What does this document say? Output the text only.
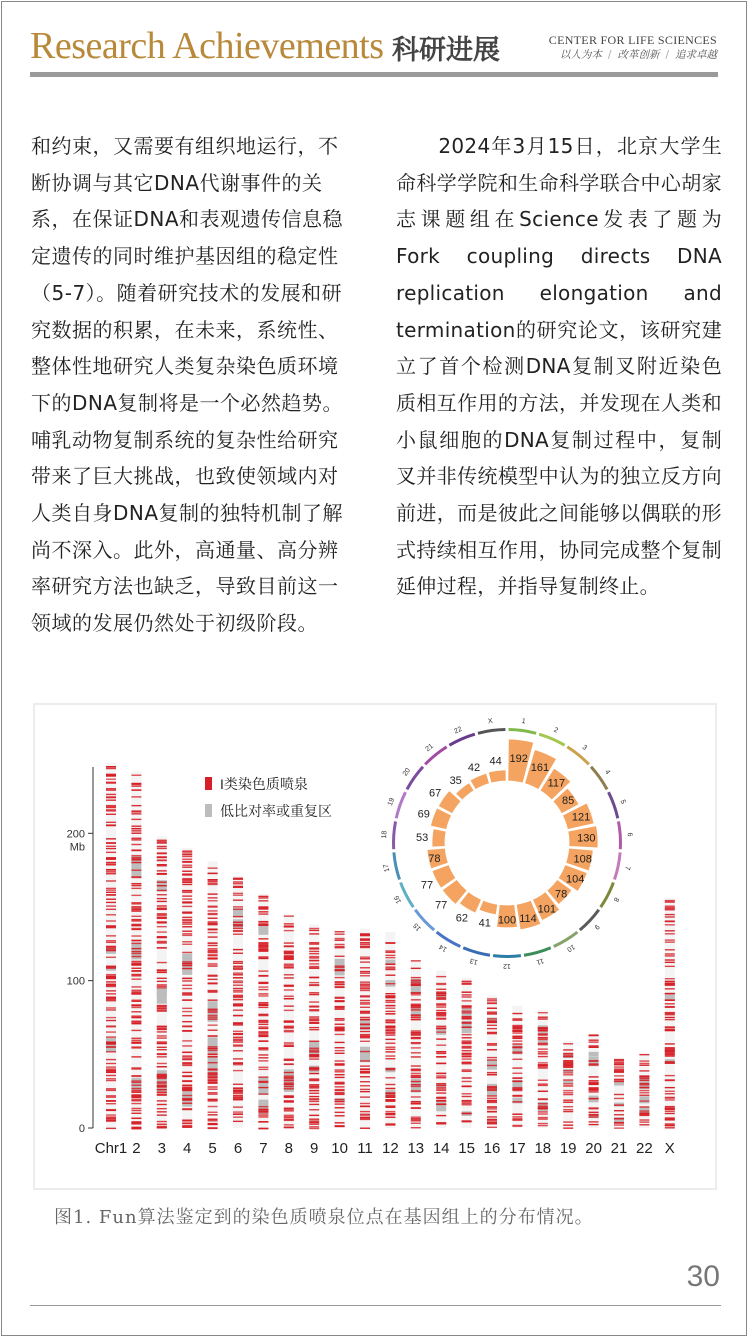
Research Achievements 科研进展	CENTER FOR LIFE SCIENCES
以人为本 / 改革创新 / 追求卓越

和约束，又需要有组织地运行，不断协调与其它DNA代谢事件的关系，在保证DNA和表观遗传信息稳定遗传的同时维护基因组的稳定性（5-7）。随着研究技术的发展和研究数据的积累，在未来，系统性、整体性地研究人类复杂染色质环境下的DNA复制将是一个必然趋势。哺乳动物复制系统的复杂性给研究带来了巨大挑战，也致使领域内对人类自身DNA复制的独特机制了解尚不深入。此外，高通量、高分辨率研究方法也缺乏，导致目前这一领域的发展仍然处于初级阶段。

　　2024年3月15日，北京大学生命科学学院和生命科学联合中心胡家志课题组在Science发表了题为Fork coupling directs DNA replication elongation and termination的研究论文，该研究建立了首个检测DNA复制叉附近染色质相互作用的方法，并发现在人类和小鼠细胞的DNA复制过程中，复制叉并非传统模型中认为的独立反方向前进，而是彼此之间能够以偶联的形式持续相互作用，协同完成整个复制延伸过程，并指导复制终止。

0
100
200
Mb
Chr1 2 3 4 5 6 7 8 9 10 11 12 13 14 15 16 17 18 19 20 21 22 X
I类染色质喷泉
低比对率或重复区
1
192
2
161
3
117
4
85	5
121
6
130
7
108
8
104
9
78
10
101
11
114
12
100
13
41
14
62
15
77
16
77
17
78
18 53
19
69
20
67
21
35
22
42
X
44
图1. Fun算法鉴定到的染色质喷泉位点在基因组上的分布情况。
30
